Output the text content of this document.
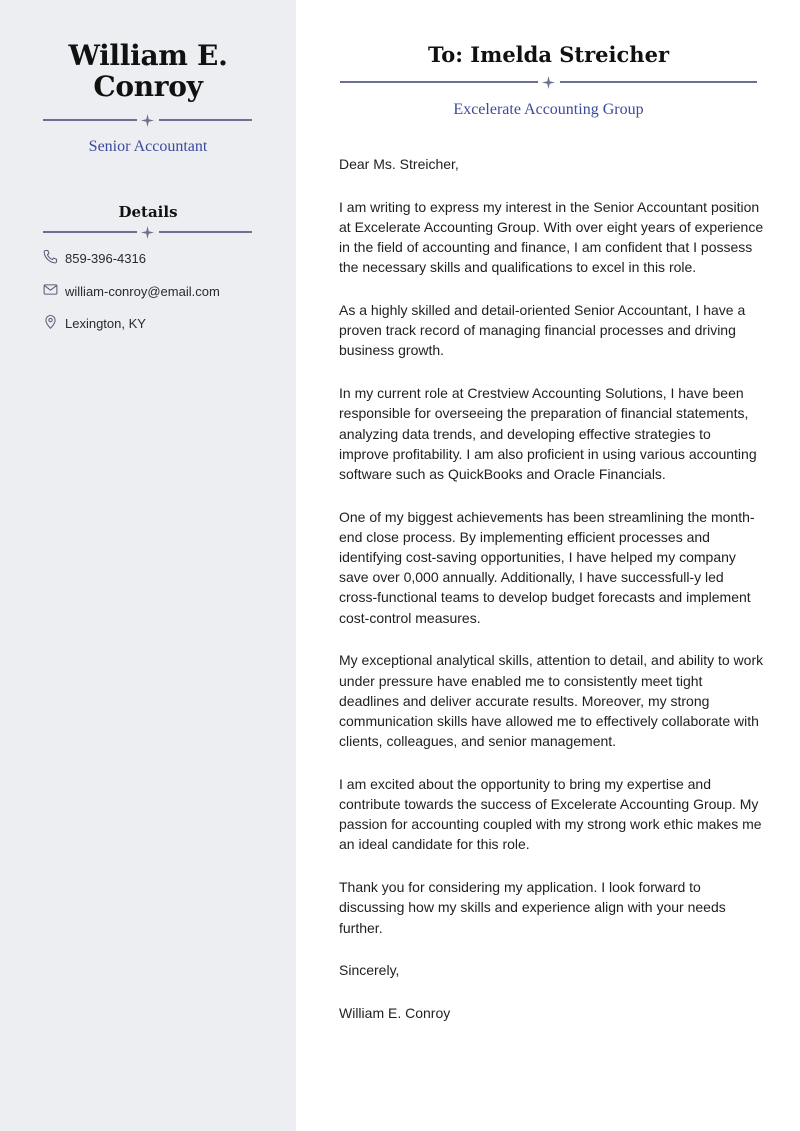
William E.
Conroy
Senior Accountant
Details
859-396-4316
william-conroy@email.com
Lexington, KY
To: Imelda Streicher
Excelerate Accounting Group

Dear Ms. Streicher,

I am writing to express my interest in the Senior Accountant position at Excelerate Accounting Group. With over eight years of experience in the field of accounting and finance, I am confident that I possess the necessary skills and qualifications to excel in this role.

As a highly skilled and detail-oriented Senior Accountant, I have a proven track record of managing financial processes and driving business growth.

In my current role at Crestview Accounting Solutions, I have been responsible for overseeing the preparation of financial statements, analyzing data trends, and developing effective strategies to improve profitability. I am also proficient in using various accounting software such as QuickBooks and Oracle Financials.

One of my biggest achievements has been streamlining the month-end close process. By implementing efficient processes and identifying cost-saving opportunities, I have helped my company save over 0,000 annually. Additionally, I have successfull-y led cross-functional teams to develop budget forecasts and implement cost-control measures.

My exceptional analytical skills, attention to detail, and ability to work under pressure have enabled me to consistently meet tight deadlines and deliver accurate results. Moreover, my strong communication skills have allowed me to effectively collaborate with clients, colleagues, and senior management.

I am excited about the opportunity to bring my expertise and contribute towards the success of Excelerate Accounting Group. My passion for accounting coupled with my strong work ethic makes me an ideal candidate for this role.

Thank you for considering my application. I look forward to discussing how my skills and experience align with your needs further.

Sincerely,

William E. Conroy
